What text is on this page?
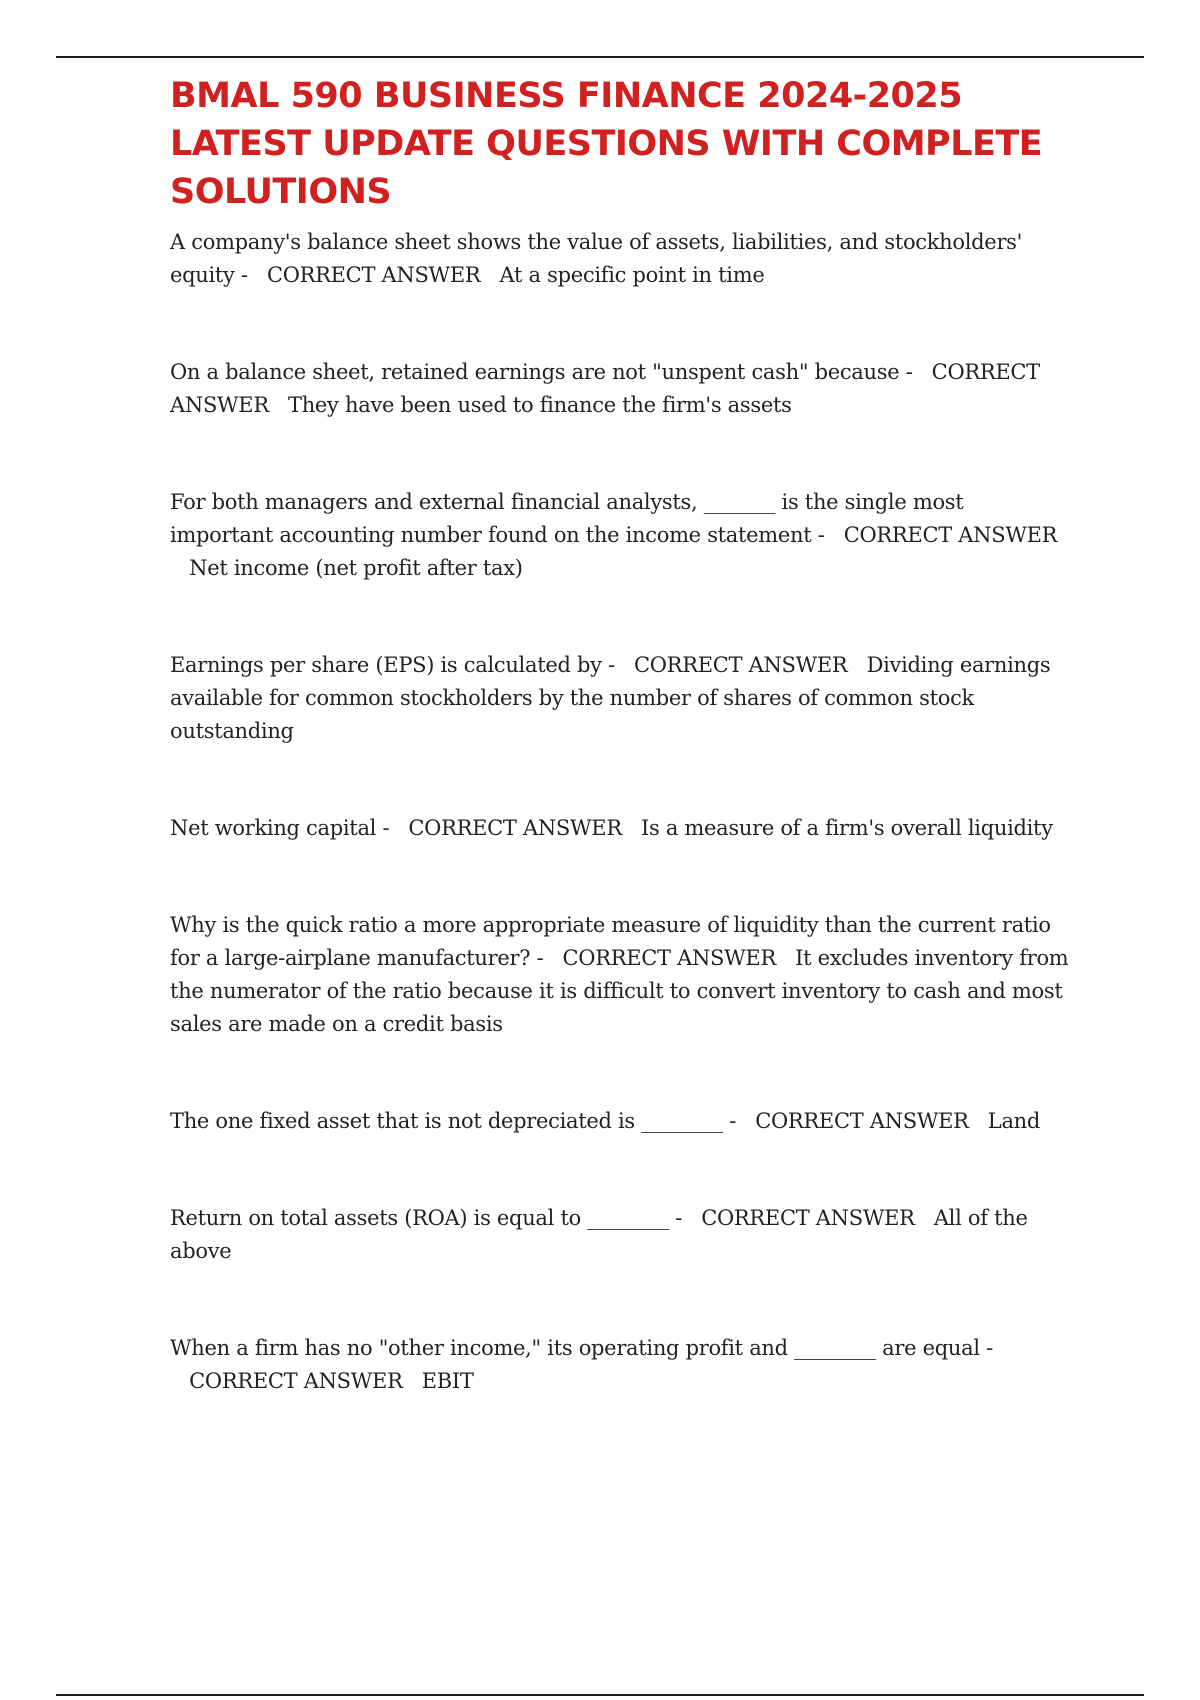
BMAL 590 BUSINESS FINANCE 2024-2025 LATEST UPDATE QUESTIONS WITH COMPLETE SOLUTIONS
A company's balance sheet shows the value of assets, liabilities, and stockholders' equity - CORRECT ANSWER At a specific point in time
On a balance sheet, retained earnings are not "unspent cash" because - CORRECT ANSWER They have been used to finance the firm's assets
For both managers and external financial analysts, _______ is the single most important accounting number found on the income statement - CORRECT ANSWER   Net income (net profit after tax)
Earnings per share (EPS) is calculated by - CORRECT ANSWER Dividing earnings available for common stockholders by the number of shares of common stock outstanding
Net working capital - CORRECT ANSWER Is a measure of a firm's overall liquidity
Why is the quick ratio a more appropriate measure of liquidity than the current ratio for a large-airplane manufacturer? - CORRECT ANSWER It excludes inventory from the numerator of the ratio because it is difficult to convert inventory to cash and most sales are made on a credit basis
The one fixed asset that is not depreciated is ________ - CORRECT ANSWER Land
Return on total assets (ROA) is equal to ________ - CORRECT ANSWER All of the above
When a firm has no "other income," its operating profit and ________ are equal -   CORRECT ANSWER EBIT
